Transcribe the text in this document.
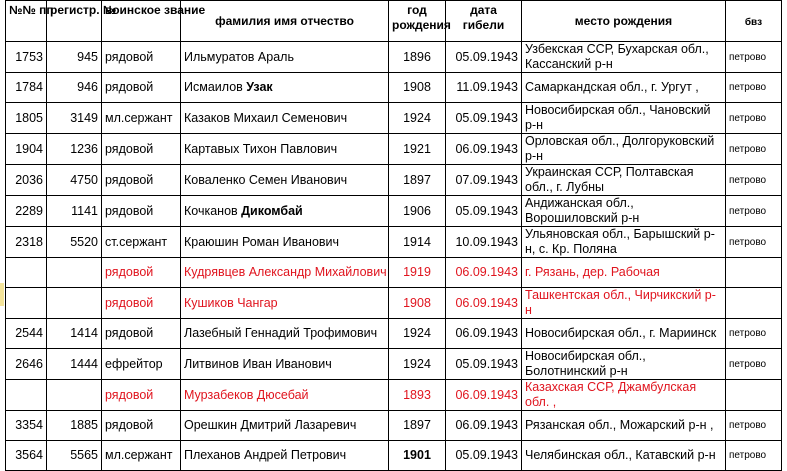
№№ пп	регистр. №	воинское звание	фамилия имя отчество	год рождения	дата гибели	место рождения	бвз
1753	945	рядовой	Ильмуратов Араль	1896	05.09.1943	Узбекская ССР, Бухарская обл., Кассанский р-н	петрово
1784	946	рядовой	Исмаилов Узак	1908	11.09.1943	Самаркандская обл., г. Ургут ,	петрово
1805	3149	мл.сержант	Казаков Михаил Семенович	1924	05.09.1943	Новосибирская обл., Чановский р-н	петрово
1904	1236	рядовой	Картавых Тихон Павлович	1921	06.09.1943	Орловская обл., Долгоруковский р-н	петрово
2036	4750	рядовой	Коваленко Семен Иванович	1897	07.09.1943	Украинская ССР, Полтавская обл., г. Лубны	петрово
2289	1141	рядовой	Кочканов Дикомбай	1906	05.09.1943	Андижанская обл., Ворошиловский р-н	петрово
2318	5520	ст.сержант	Краюшин Роман Иванович	1914	10.09.1943	Ульяновская обл., Барышский р-н, с. Кр. Поляна	петрово
		рядовой	Кудрявцев Александр Михайлович	1919	06.09.1943	г. Рязань, дер. Рабочая	
		рядовой	Кушиков Чангар	1908	06.09.1943	Ташкентская обл., Чирчикский р-н	
2544	1414	рядовой	Лазебный Геннадий Трофимович	1924	06.09.1943	Новосибирская обл., г. Мариинск	петрово
2646	1444	ефрейтор	Литвинов Иван Иванович	1924	05.09.1943	Новосибирская обл., Болотнинский р-н	петрово
		рядовой	Мурзабеков Дюсебай	1893	06.09.1943	Казахская ССР, Джамбулская обл. ,	
3354	1885	рядовой	Орешкин Дмитрий Лазаревич	1897	06.09.1943	Рязанская обл., Можарский р-н ,	петрово
3564	5565	мл.сержант	Плеханов Андрей Петрович	1901	05.09.1943	Челябинская обл., Катавский р-н	петрово
